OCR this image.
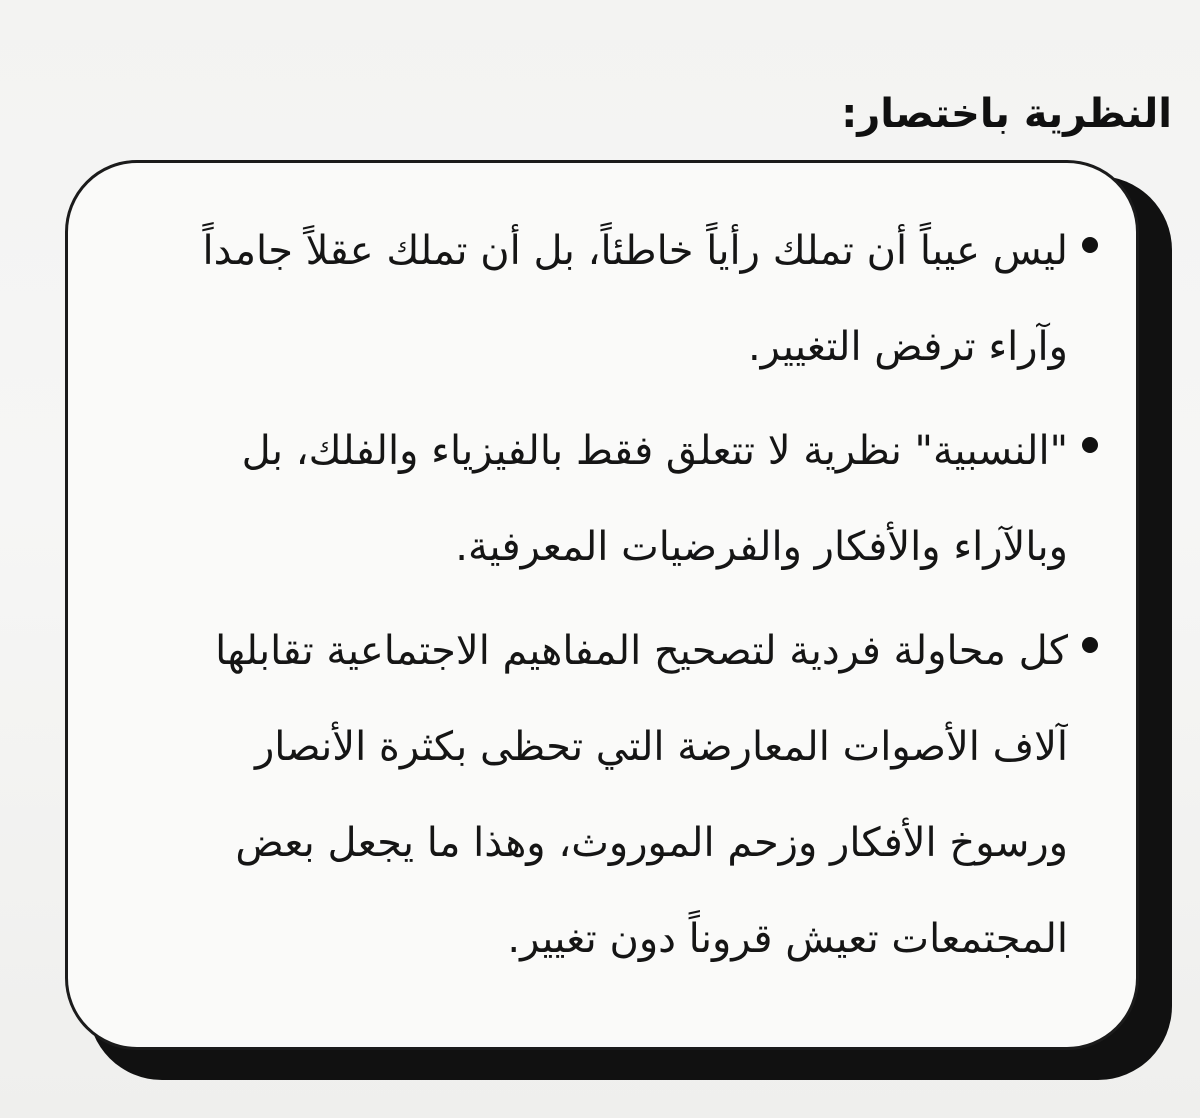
النظرية باختصار:
ليس عيباً أن تملك رأياً خاطئاً، بل أن تملك عقلاً جامداً
وآراء ترفض التغيير.
"النسبية" نظرية لا تتعلق فقط بالفيزياء والفلك، بل
وبالآراء والأفكار والفرضيات المعرفية.
كل محاولة فردية لتصحيح المفاهيم الاجتماعية تقابلها
آلاف الأصوات المعارضة التي تحظى بكثرة الأنصار
ورسوخ الأفكار وزحم الموروث، وهذا ما يجعل بعض
المجتمعات تعيش قروناً دون تغيير.
